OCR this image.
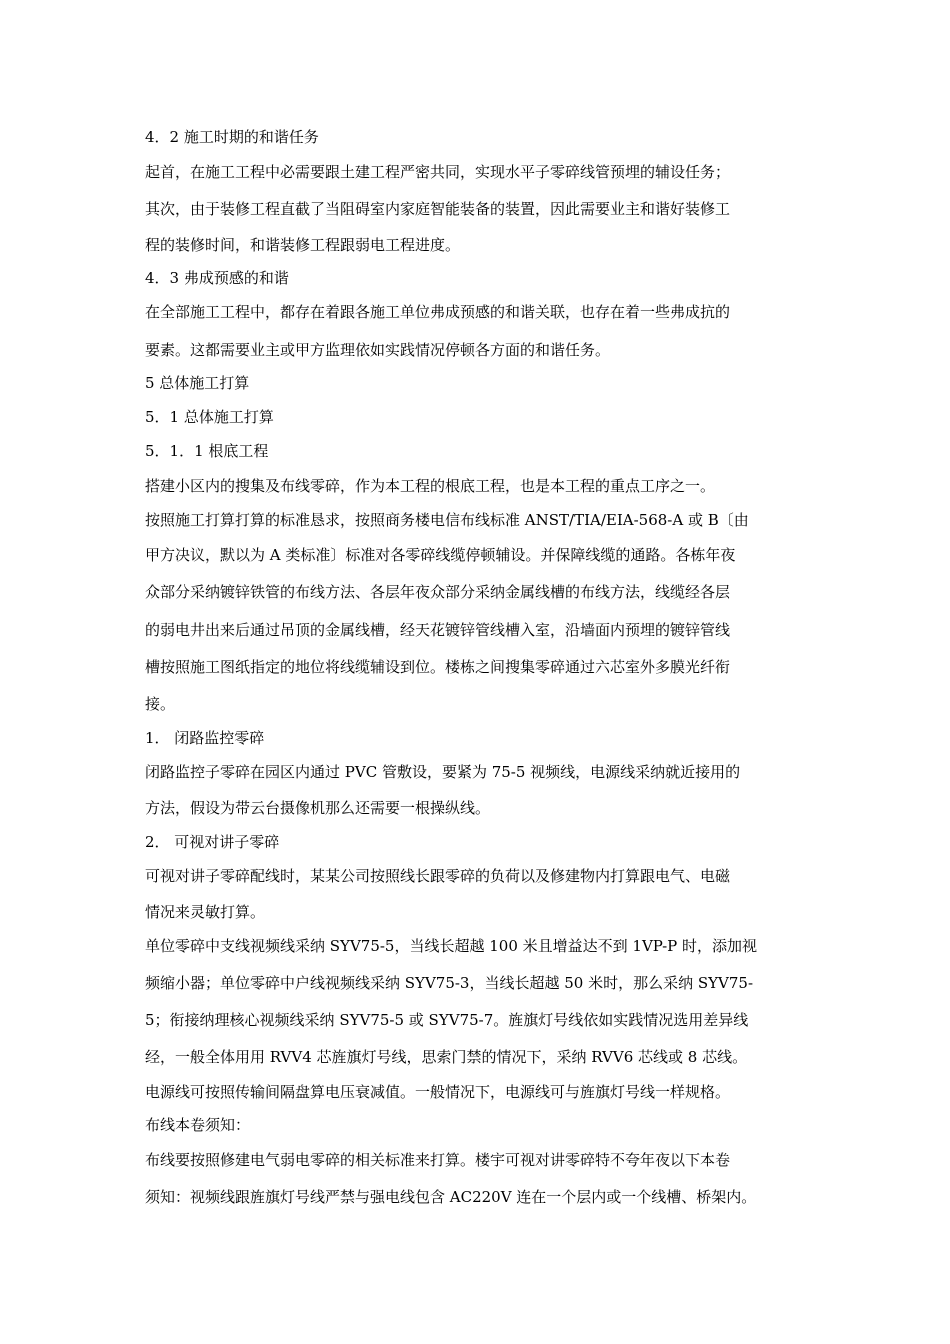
4．2 施工时期的和谐任务
起首，在施工工程中必需要跟土建工程严密共同，实现水平子零碎线管预埋的辅设任务；
其次，由于装修工程直截了当阻碍室内家庭智能装备的装置，因此需要业主和谐好装修工
程的装修时间，和谐装修工程跟弱电工程进度。
4．3 弗成预感的和谐
在全部施工工程中，都存在着跟各施工单位弗成预感的和谐关联，也存在着一些弗成抗的
要素。这都需要业主或甲方监理依如实践情况停顿各方面的和谐任务。
5 总体施工打算
5．1 总体施工打算
5．1．1 根底工程
搭建小区内的搜集及布线零碎，作为本工程的根底工程，也是本工程的重点工序之一。
按照施工打算打算的标准恳求，按照商务楼电信布线标准 ANST/TIA/EIA-568-A 或 B〔由
甲方决议，默以为 A 类标准〕标准对各零碎线缆停顿辅设。并保障线缆的通路。各栋年夜
众部分采纳镀锌铁管的布线方法、各层年夜众部分采纳金属线槽的布线方法，线缆经各层
的弱电井出来后通过吊顶的金属线槽，经天花镀锌管线槽入室，沿墙面内预埋的镀锌管线
槽按照施工图纸指定的地位将线缆辅设到位。楼栋之间搜集零碎通过六芯室外多膜光纤衔
接。
1． 闭路监控零碎
闭路监控子零碎在园区内通过 PVC 管敷设，要紧为 75-5 视频线，电源线采纳就近接用的
方法，假设为带云台摄像机那么还需要一根操纵线。
2． 可视对讲子零碎
可视对讲子零碎配线时，某某公司按照线长跟零碎的负荷以及修建物内打算跟电气、电磁
情况来灵敏打算。
单位零碎中支线视频线采纳 SYV75-5，当线长超越 100 米且增益达不到 1VP-P 时，添加视
频缩小器；单位零碎中户线视频线采纳 SYV75-3，当线长超越 50 米时，那么采纳 SYV75-
5；衔接纳理核心视频线采纳 SYV75-5 或 SYV75-7。旌旗灯号线依如实践情况选用差异线
经，一般全体用用 RVV4 芯旌旗灯号线，思索门禁的情况下，采纳 RVV6 芯线或 8 芯线。
电源线可按照传输间隔盘算电压衰减值。一般情况下，电源线可与旌旗灯号线一样规格。
布线本卷须知：
布线要按照修建电气弱电零碎的相关标准来打算。楼宇可视对讲零碎特不夸年夜以下本卷
须知：视频线跟旌旗灯号线严禁与强电线包含 AC220V 连在一个层内或一个线槽、桥架内。
